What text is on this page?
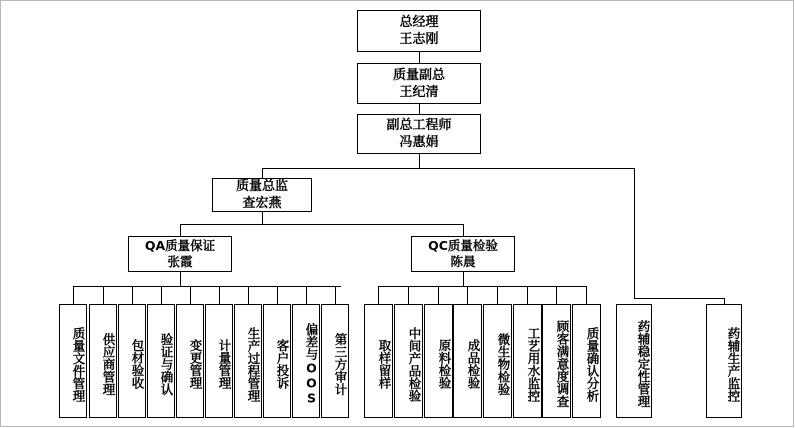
总经理
王志刚
质量副总
王纪清
副总工程师
冯惠娟
质量总监
查宏燕
QA质量保证
张霞
QC质量检验
陈晨
质量文件管理 供应商管理 包材验收 验证与确认 变更管理 计量管理 生产过程管理 客户投诉 偏差与OOS 第三方审计 取样留样 中间产品检验 原料检验 成品检验 微生物检验 工艺用水监控 顾客满意度调查 质量确认分析	药辅稳定性管理	药辅生产监控
